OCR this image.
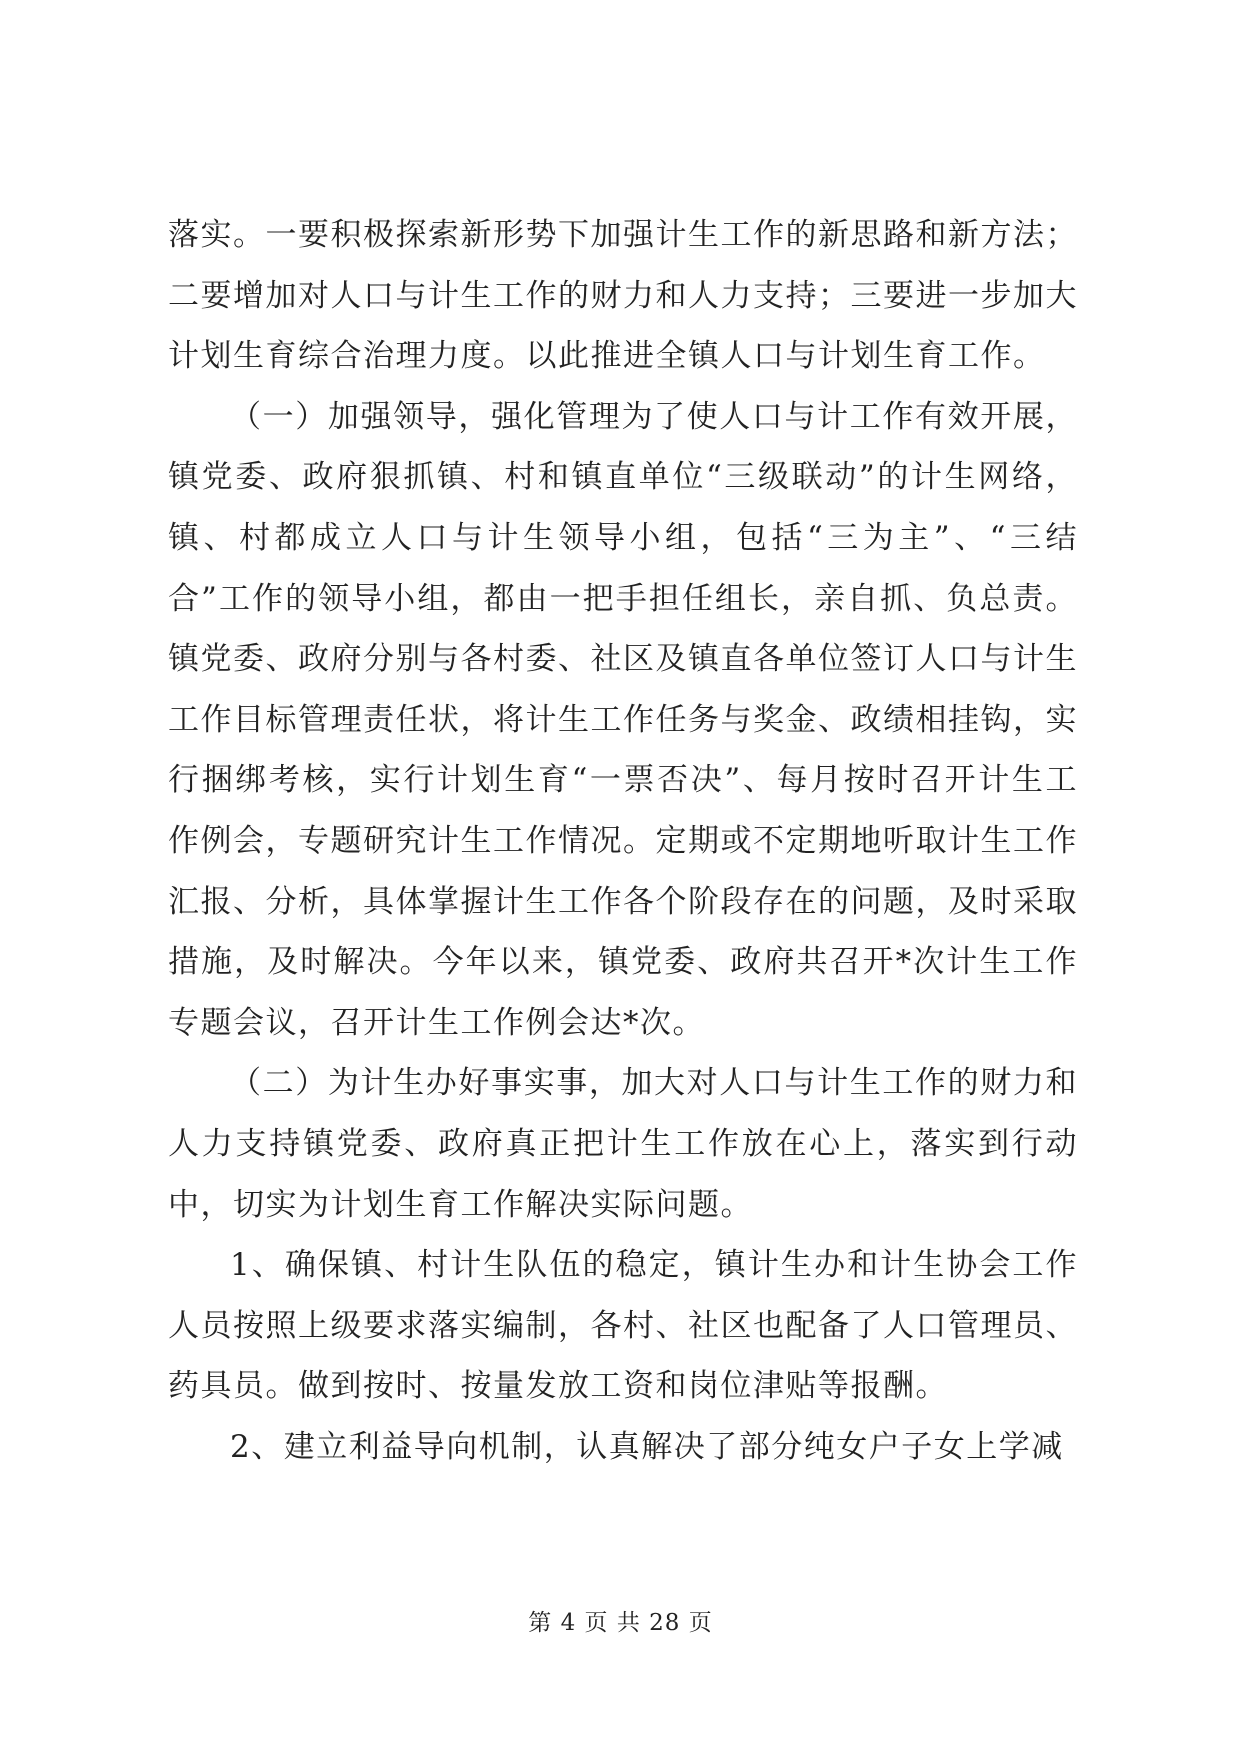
落实。一要积极探索新形势下加强计生工作的新思路和新方法；二要增加对人口与计生工作的财力和人力支持；三要进一步加大计划生育综合治理力度。以此推进全镇人口与计划生育工作。

（一）加强领导，强化管理为了使人口与计工作有效开展，镇党委、政府狠抓镇、村和镇直单位“三级联动”的计生网络，镇、村都成立人口与计生领导小组，包括“三为主”、“三结合”工作的领导小组，都由一把手担任组长，亲自抓、负总责。镇党委、政府分别与各村委、社区及镇直各单位签订人口与计生工作目标管理责任状，将计生工作任务与奖金、政绩相挂钩，实行捆绑考核，实行计划生育“一票否决”、每月按时召开计生工作例会，专题研究计生工作情况。定期或不定期地听取计生工作汇报、分析，具体掌握计生工作各个阶段存在的问题，及时采取措施，及时解决。今年以来，镇党委、政府共召开*次计生工作专题会议，召开计生工作例会达*次。

（二）为计生办好事实事，加大对人口与计生工作的财力和人力支持镇党委、政府真正把计生工作放在心上，落实到行动中，切实为计划生育工作解决实际问题。

1、确保镇、村计生队伍的稳定，镇计生办和计生协会工作人员按照上级要求落实编制，各村、社区也配备了人口管理员、药具员。做到按时、按量发放工资和岗位津贴等报酬。

2、建立利益导向机制，认真解决了部分纯女户子女上学减

第 4 页 共 28 页
